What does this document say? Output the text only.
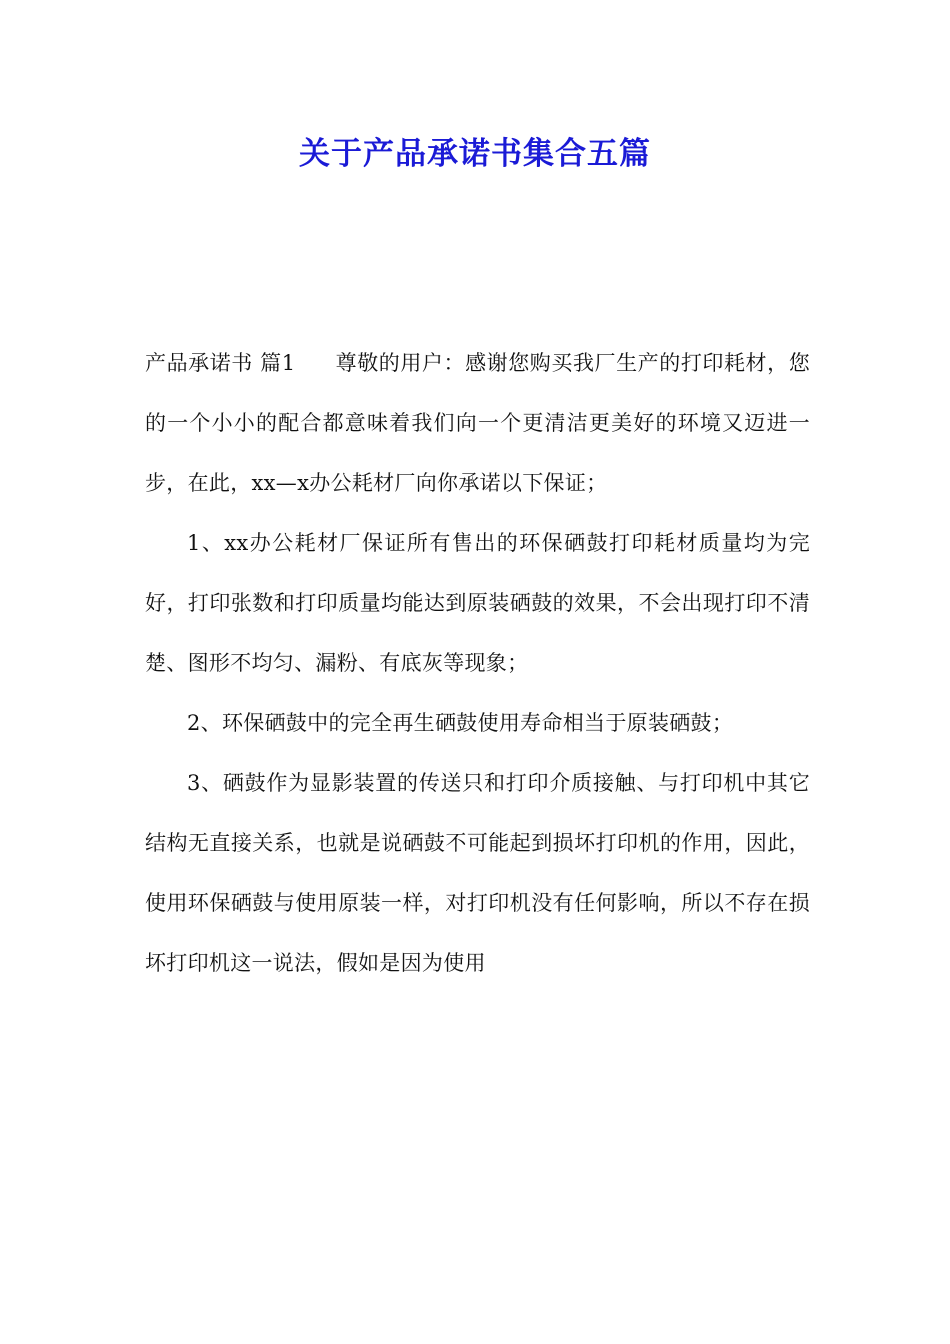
关于产品承诺书集合五篇

产品承诺书 篇1 尊敬的用户：感谢您购买我厂生产的打印耗材，您的一个小小的配合都意味着我们向一个更清洁更美好的环境又迈进一步，在此，xx—x办公耗材厂向你承诺以下保证；

1、xx办公耗材厂保证所有售出的环保硒鼓打印耗材质量均为完好，打印张数和打印质量均能达到原装硒鼓的效果，不会出现打印不清楚、图形不均匀、漏粉、有底灰等现象；

2、环保硒鼓中的完全再生硒鼓使用寿命相当于原装硒鼓；

3、硒鼓作为显影装置的传送只和打印介质接触、与打印机中其它结构无直接关系，也就是说硒鼓不可能起到损坏打印机的作用，因此，使用环保硒鼓与使用原装一样，对打印机没有任何影响，所以不存在损坏打印机这一说法，假如是因为使用
